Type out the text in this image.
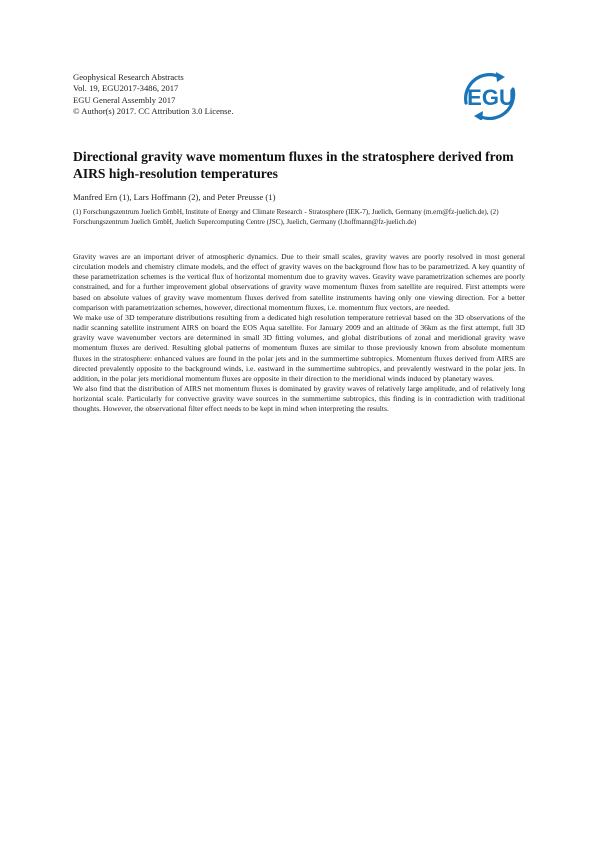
Geophysical Research Abstracts
Vol. 19, EGU2017-3486, 2017
EGU General Assembly 2017
© Author(s) 2017. CC Attribution 3.0 License.
EGU
Directional gravity wave momentum fluxes in the stratosphere derived from AIRS high-resolution temperatures
Manfred Ern (1), Lars Hoffmann (2), and Peter Preusse (1)
(1) Forschungszentrum Juelich GmbH, Institute of Energy and Climate Research - Stratosphere (IEK-7), Juelich, Germany (m.ern@fz-juelich.de), (2) Forschungszentrum Juelich GmbH, Juelich Supercomputing Centre (JSC), Juelich, Germany (l.hoffmann@fz-juelich.de)

Gravity waves are an important driver of atmospheric dynamics. Due to their small scales, gravity waves are poorly resolved in most general circulation models and chemistry climate models, and the effect of gravity waves on the background flow has to be parametrized. A key quantity of these parametrization schemes is the vertical flux of horizontal momentum due to gravity waves. Gravity wave parametrization schemes are poorly constrained, and for a further improvement global observations of gravity wave momentum fluxes from satellite are required. First attempts were based on absolute values of gravity wave momentum fluxes derived from satellite instruments having only one viewing direction. For a better comparison with parametrization schemes, however, directional momentum fluxes, i.e. momentum flux vectors, are needed.

We make use of 3D temperature distributions resulting from a dedicated high resolution temperature retrieval based on the 3D observations of the nadir scanning satellite instrument AIRS on board the EOS Aqua satellite. For January 2009 and an altitude of 36km as the first attempt, full 3D gravity wave wavenumber vectors are determined in small 3D fitting volumes, and global distributions of zonal and meridional gravity wave momentum fluxes are derived. Resulting global patterns of momentum fluxes are similar to those previously known from absolute momentum fluxes in the stratosphere: enhanced values are found in the polar jets and in the summertime subtropics. Momentum fluxes derived from AIRS are directed prevalently opposite to the background winds, i.e. eastward in the summertime subtropics, and prevalently westward in the polar jets. In addition, in the polar jets meridional momentum fluxes are opposite in their direction to the meridional winds induced by planetary waves.

We also find that the distribution of AIRS net momentum fluxes is dominated by gravity waves of relatively large amplitude, and of relatively long horizontal scale. Particularly for convective gravity wave sources in the summertime subtropics, this finding is in contradiction with traditional thoughts. However, the observational filter effect needs to be kept in mind when interpreting the results.
